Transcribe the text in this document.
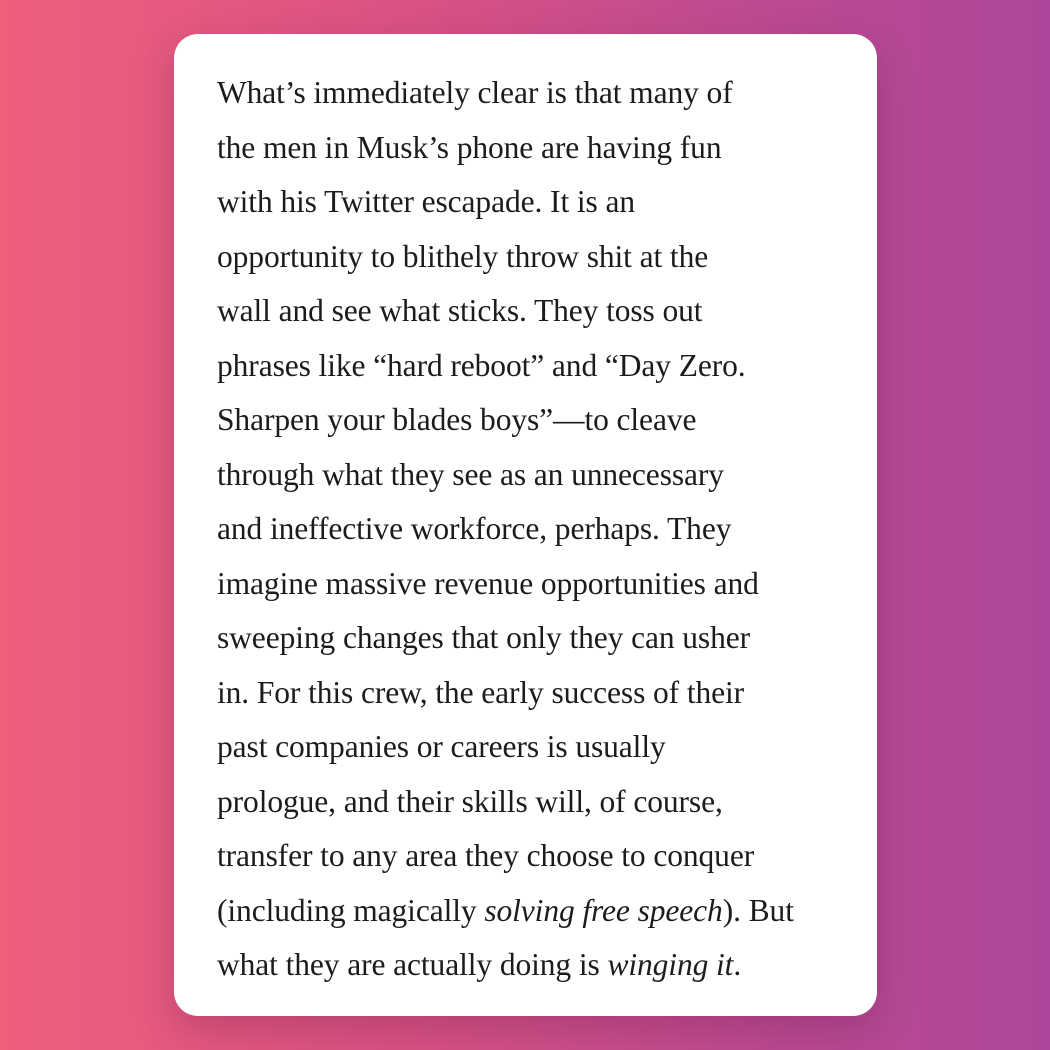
What’s immediately clear is that many of
the men in Musk’s phone are having fun
with his Twitter escapade. It is an
opportunity to blithely throw shit at the
wall and see what sticks. They toss out
phrases like “hard reboot” and “Day Zero.
Sharpen your blades boys”—to cleave
through what they see as an unnecessary
and ineffective workforce, perhaps. They
imagine massive revenue opportunities and
sweeping changes that only they can usher
in. For this crew, the early success of their
past companies or careers is usually
prologue, and their skills will, of course,
transfer to any area they choose to conquer
(including magically solving free speech). But
what they are actually doing is winging it.
